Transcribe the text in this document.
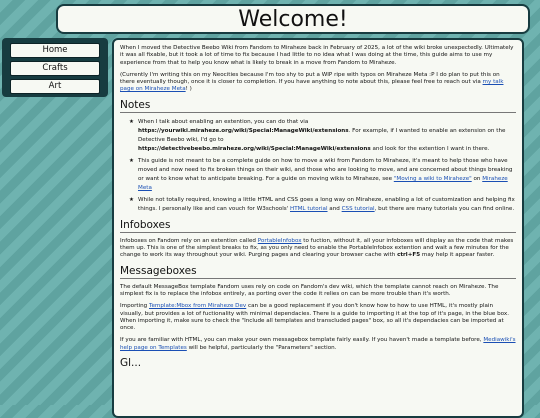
Welcome!
Home
Crafts
Art

When I moved the Detective Beebo Wiki from Fandom to Miraheze back in February of 2025, a lot of the wiki broke unexpectedly. Ultimately it was all fixable, but it took a lot of time to fix because I had little to no idea what I was doing at the time, this guide aims to use my experience from that to help you know what is likely to break in a move from Fandom to Miraheze.

(Currently I'm writing this on my Neocities because I'm too shy to put a WIP ripe with typos on Miraheze Meta :P I do plan to put this on there eventually though, once it is closer to completion. If you have anything to note about this, please feel free to reach out via my talk page on Miraheze Meta! )

Notes
★ When I talk about enabling an extention, you can do that via
https://yourwiki.miraheze.org/wiki/Special:ManageWiki/extensions. For example, if I wanted to enable an extension on the Detective Beebo wiki, I'd go to
https://detectivebeebo.miraheze.org/wiki/Special:ManageWiki/extensions and look for the extention I want in there.
★ This guide is not meant to be a complete guide on how to move a wiki from Fandom to Miraheze, it's meant to help those who have moved and now need to fix broken things on their wiki, and those who are looking to move, and are concerned about things breaking or want to know what to anticipate breaking. For a guide on moving wikis to Miraheze, see "Moving a wiki to Miraheze" on Miraheze Meta
★ While not totally required, knowing a little HTML and CSS goes a long way on Miraheze, enabling a lot of customization and helping fix things. I personally like and can vouch for W3schools' HTML tutorial and CSS tutorial, but there are many tutorials you can find online.
Infoboxes

Infoboxes on Fandom rely on an extention called PortableInfobox to fuction, without it, all your infoboxes will display as the code that makes them up. This is one of the simplest breaks to fix, as you only need to enable the PortableInfobox extention and wait a few minutes for the change to work its way throughout your wiki. Purging pages and clearing your browser cache with ctrl+F5 may help it appear faster.

Messageboxes

The default MessageBox template Fandom uses rely on code on Fandom's dev wiki, which the template cannot reach on Miraheze. The simplest fix is to replace the infobox entirely, as porting over the code it relies on can be more trouble than it's worth.

Importing Template:Mbox from Miraheze Dev can be a good replacement if you don't know how to how to use HTML, it's mostly plain visually, but provides a lot of fuctionality with minimal dependacies. There is a guide to importing it at the top of it's page, in the blue box. When importing it, make sure to check the "Include all templates and transcluded pages" box, so all it's dependacies can be imported at once.

If you are familiar with HTML, you can make your own messagebox template fairly easily. If you haven't made a template before, Mediawiki's help page on Templates will be helpful, particularly the "Parameters" section.

Gl...
